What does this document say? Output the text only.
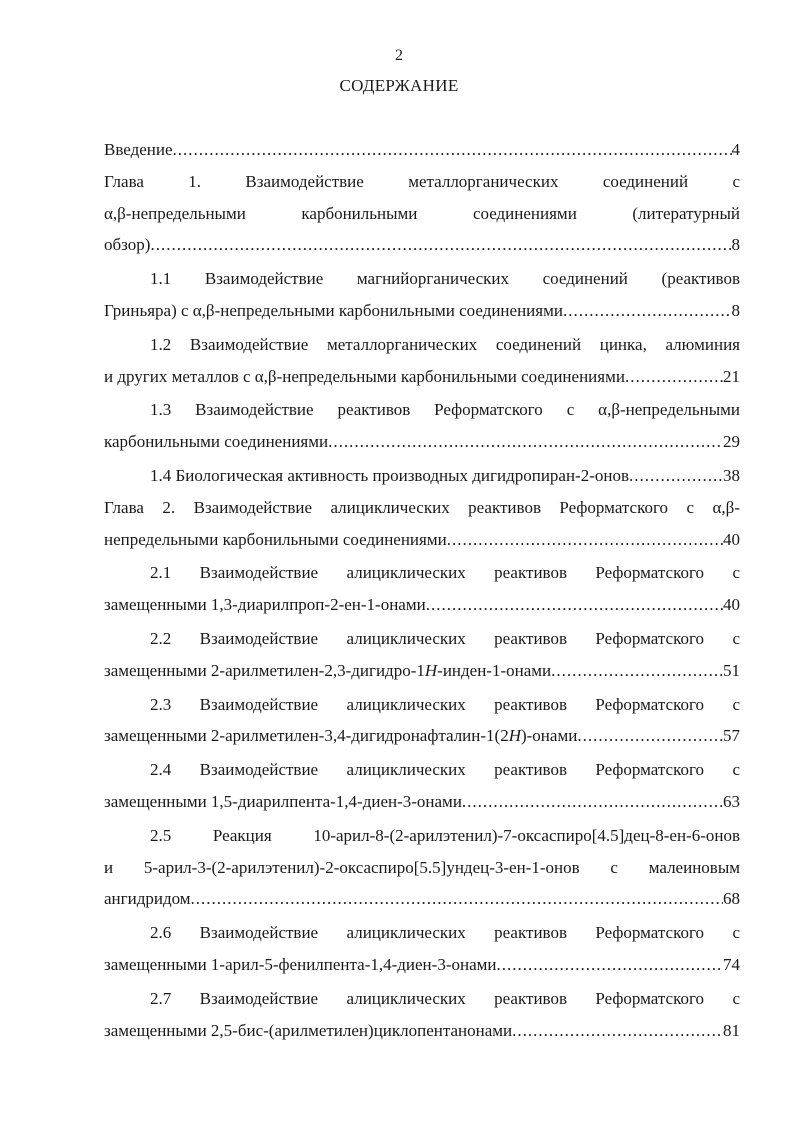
2
СОДЕРЖАНИЕ
Введение .....	4
Глава 1. Взаимодействие металлорганических соединений с
α,β-непредельными карбонильными соединениями (литературный
обзор) .....	8
1.1 Взаимодействие магнийорганических соединений (реактивов
Гриньяра) с α,β-непредельными карбонильными соединениями .....	8
1.2 Взаимодействие металлорганических соединений цинка, алюминия
и других металлов с α,β-непредельными карбонильными соединениями .....	21
1.3 Взаимодействие реактивов Реформатского с α,β-непредельными
карбонильными соединениями .....	29
1.4 Биологическая активность производных дигидропиран-2-онов .....	38
Глава 2. Взаимодействие алициклических реактивов Реформатского с α,β-
непредельными карбонильными соединениями .....	40
2.1 Взаимодействие алициклических реактивов Реформатского с
замещенными 1,3-диарилпроп-2-ен-1-онами .....	40
2.2 Взаимодействие алициклических реактивов Реформатского с
замещенными 2-арилметилен-2,3-дигидро-1H-инден-1-онами .....	51
2.3 Взаимодействие алициклических реактивов Реформатского с
замещенными 2-арилметилен-3,4-дигидронафталин-1(2H)-онами .....	57
2.4 Взаимодействие алициклических реактивов Реформатского с
замещенными 1,5-диарилпента-1,4-диен-3-онами .....	63
2.5 Реакция 10-арил-8-(2-арилэтенил)-7-оксаспиро[4.5]дец-8-ен-6-онов
и 5-арил-3-(2-арилэтенил)-2-оксаспиро[5.5]ундец-3-ен-1-онов с малеиновым
ангидридом .....	68
2.6 Взаимодействие алициклических реактивов Реформатского с
замещенными 1-арил-5-фенилпента-1,4-диен-3-онами .....	74
2.7 Взаимодействие алициклических реактивов Реформатского с
замещенными 2,5-бис-(арилметилен)циклопентанонами .....	81
